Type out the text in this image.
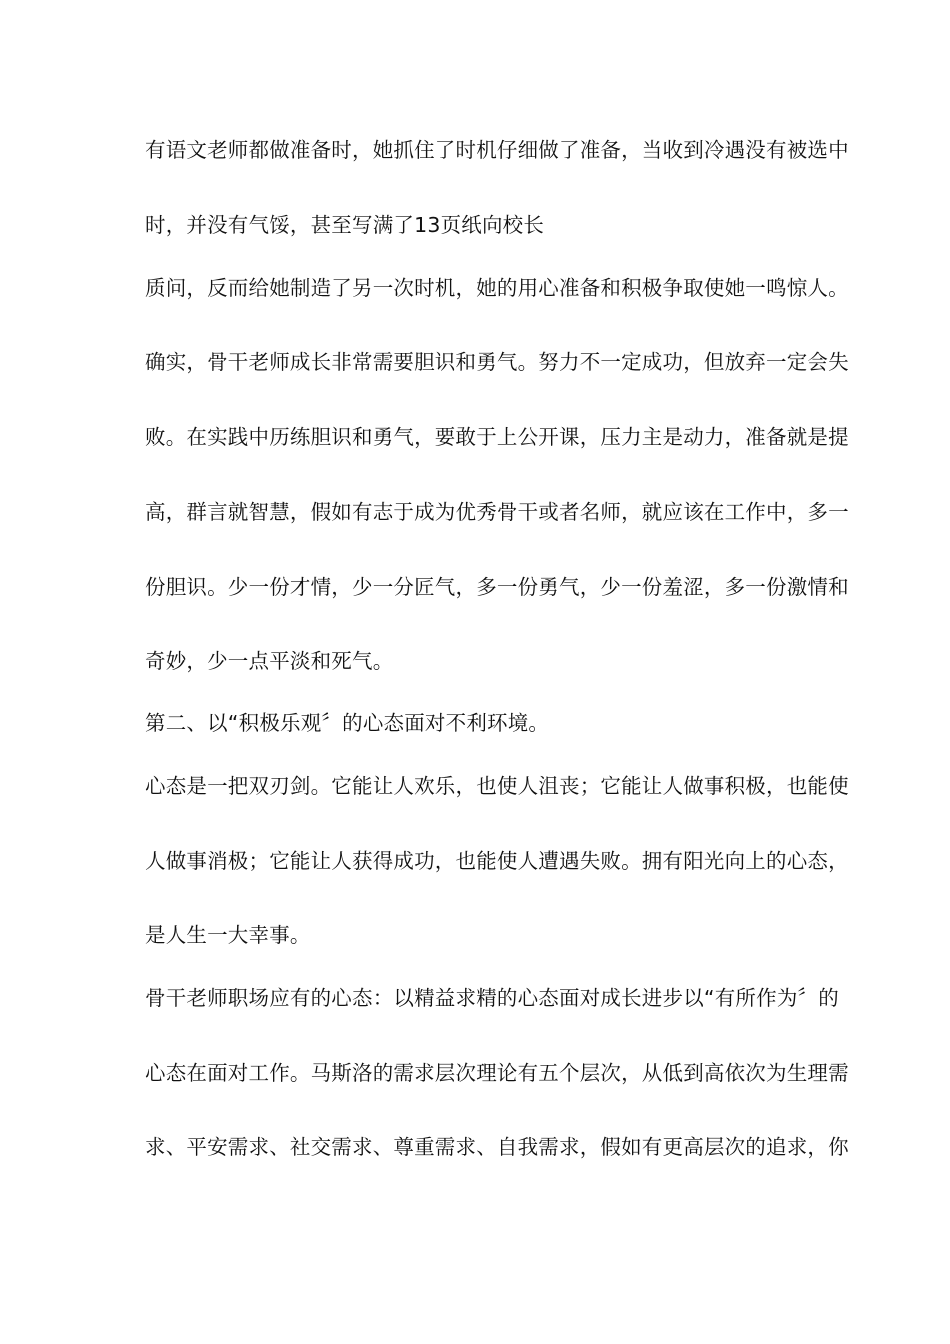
有语文老师都做准备时，她抓住了时机仔细做了准备，当收到冷遇没有被选中
时，并没有气馁，甚至写满了13页纸向校长
质问，反而给她制造了另一次时机，她的用心准备和积极争取使她一鸣惊人。
确实，骨干老师成长非常需要胆识和勇气。努力不一定成功，但放弃一定会失
败。在实践中历练胆识和勇气，要敢于上公开课，压力主是动力，准备就是提
高，群言就智慧，假如有志于成为优秀骨干或者名师，就应该在工作中，多一
份胆识。少一份才情，少一分匠气，多一份勇气，少一份羞涩，多一份激情和
奇妙，少一点平淡和死气。
第二、以“积极乐观〞的心态面对不利环境。
心态是一把双刃剑。它能让人欢乐，也使人沮丧；它能让人做事积极，也能使
人做事消极；它能让人获得成功，也能使人遭遇失败。拥有阳光向上的心态，
是人生一大幸事。
骨干老师职场应有的心态：以精益求精的心态面对成长进步以“有所作为〞的
心态在面对工作。马斯洛的需求层次理论有五个层次，从低到高依次为生理需
求、平安需求、社交需求、尊重需求、自我需求，假如有更高层次的追求，你
